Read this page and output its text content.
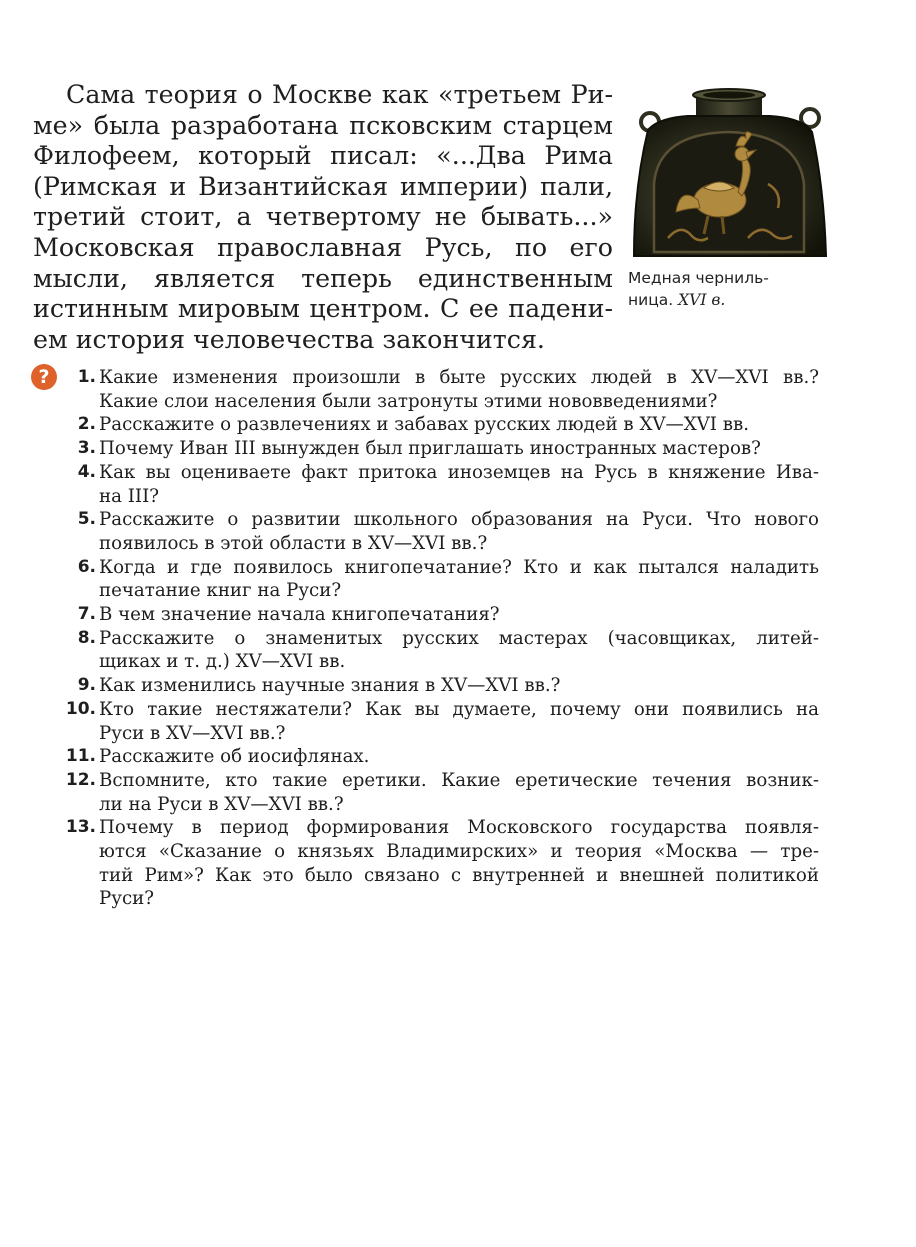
Сама теория о Москве как «третьем Ри-
ме» была разработана псковским старцем
Филофеем, который писал: «...Два Рима
(Римская и Византийская империи) пали,
третий стоит, а четвертому не бывать...»
Московская православная Русь, по его
мысли, является теперь единственным
истинным мировым центром. С ее падени-
ем история человечества закончится.

Медная черниль-
ница. XVI в.
?	1. Какие изменения произошли в быте русских людей в XV—XVI вв.?
Какие слои населения были затронуты этими нововведениями?
2. Расскажите о развлечениях и забавах русских людей в XV—XVI вв.
3. Почему Иван III вынужден был приглашать иностранных мастеров?
4. Как вы оцениваете факт притока иноземцев на Русь в княжение Ива-
на III?
5. Расскажите о развитии школьного образования на Руси. Что нового
появилось в этой области в XV—XVI вв.?
6. Когда и где появилось книгопечатание? Кто и как пытался наладить
печатание книг на Руси?
7. В чем значение начала книгопечатания?
8. Расскажите о знаменитых русских мастерах (часовщиках, литей-
щиках и т. д.) XV—XVI вв.
9. Как изменились научные знания в XV—XVI вв.?
10. Кто такие нестяжатели? Как вы думаете, почему они появились на
Руси в XV—XVI вв.?
11. Расскажите об иосифлянах.
12. Вспомните, кто такие еретики. Какие еретические течения возник-
ли на Руси в XV—XVI вв.?
13. Почему в период формирования Московского государства появля-
ются «Сказание о князьях Владимирских» и теория «Москва — тре-
тий Рим»? Как это было связано с внутренней и внешней политикой
Руси?
